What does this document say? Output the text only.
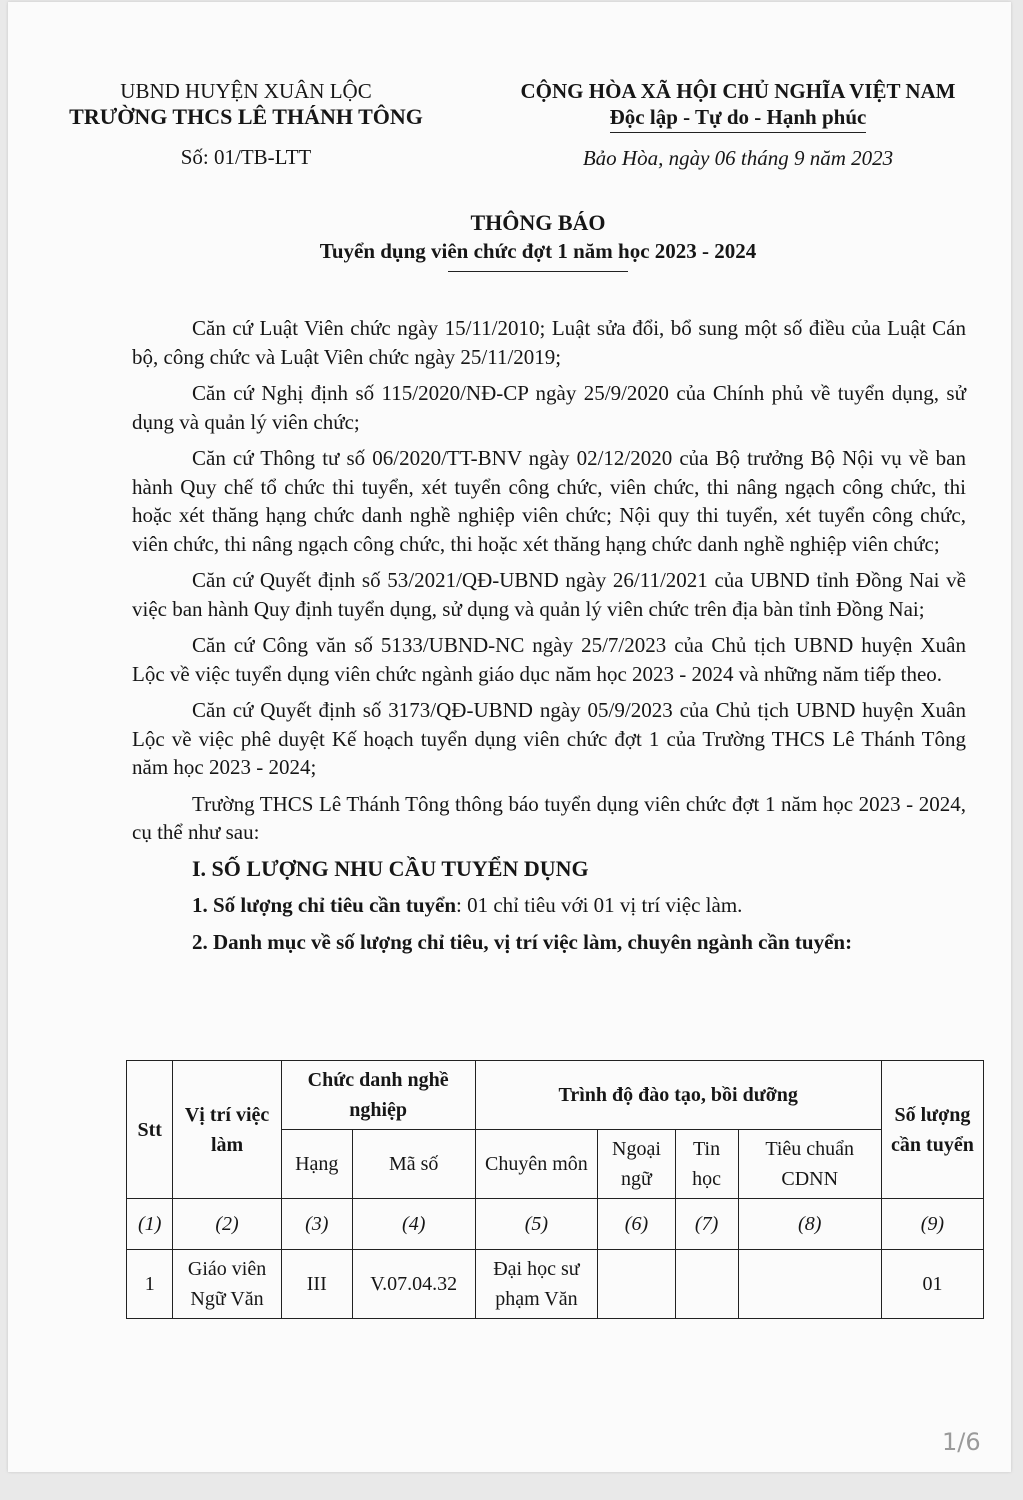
UBND HUYỆN XUÂN LỘC
TRƯỜNG THCS LÊ THÁNH TÔNG
Số: 01/TB-LTT
CỘNG HÒA XÃ HỘI CHỦ NGHĨA VIỆT NAM
Độc lập - Tự do - Hạnh phúc
Bảo Hòa, ngày 06 tháng 9 năm 2023
THÔNG BÁO
Tuyển dụng viên chức đợt 1 năm học 2023 - 2024

Căn cứ Luật Viên chức ngày 15/11/2010; Luật sửa đổi, bổ sung một số điều của Luật Cán bộ, công chức và Luật Viên chức ngày 25/11/2019;

Căn cứ Nghị định số 115/2020/NĐ-CP ngày 25/9/2020 của Chính phủ về tuyển dụng, sử dụng và quản lý viên chức;

Căn cứ Thông tư số 06/2020/TT-BNV ngày 02/12/2020 của Bộ trưởng Bộ Nội vụ về ban hành Quy chế tổ chức thi tuyển, xét tuyển công chức, viên chức, thi nâng ngạch công chức, thi hoặc xét thăng hạng chức danh nghề nghiệp viên chức; Nội quy thi tuyển, xét tuyển công chức, viên chức, thi nâng ngạch công chức, thi hoặc xét thăng hạng chức danh nghề nghiệp viên chức;

Căn cứ Quyết định số 53/2021/QĐ-UBND ngày 26/11/2021 của UBND tỉnh Đồng Nai về việc ban hành Quy định tuyển dụng, sử dụng và quản lý viên chức trên địa bàn tỉnh Đồng Nai;

Căn cứ Công văn số 5133/UBND-NC ngày 25/7/2023 của Chủ tịch UBND huyện Xuân Lộc về việc tuyển dụng viên chức ngành giáo dục năm học 2023 - 2024 và những năm tiếp theo.

Căn cứ Quyết định số 3173/QĐ-UBND ngày 05/9/2023 của Chủ tịch UBND huyện Xuân Lộc về việc phê duyệt Kế hoạch tuyển dụng viên chức đợt 1 của Trường THCS Lê Thánh Tông năm học 2023 - 2024;

Trường THCS Lê Thánh Tông thông báo tuyển dụng viên chức đợt 1 năm học 2023 - 2024, cụ thể như sau:

I. SỐ LƯỢNG NHU CẦU TUYỂN DỤNG
1. Số lượng chỉ tiêu cần tuyển: 01 chỉ tiêu với 01 vị trí việc làm.
2. Danh mục về số lượng chỉ tiêu, vị trí việc làm, chuyên ngành cần tuyển:
Stt	Vị trí việc làm	Chức danh nghề nghiệp		Trình độ đào tạo, bồi dưỡng				Số lượng cần tuyển
		Hạng	Mã số	Chuyên môn	Ngoại ngữ	Tin học	Tiêu chuẩn CDNN	
(1)	(2)	(3)	(4)	(5)	(6)	(7)	(8)	(9)
1	Giáo viên Ngữ Văn	III	V.07.04.32	Đại học sư phạm Văn				01
1/6
